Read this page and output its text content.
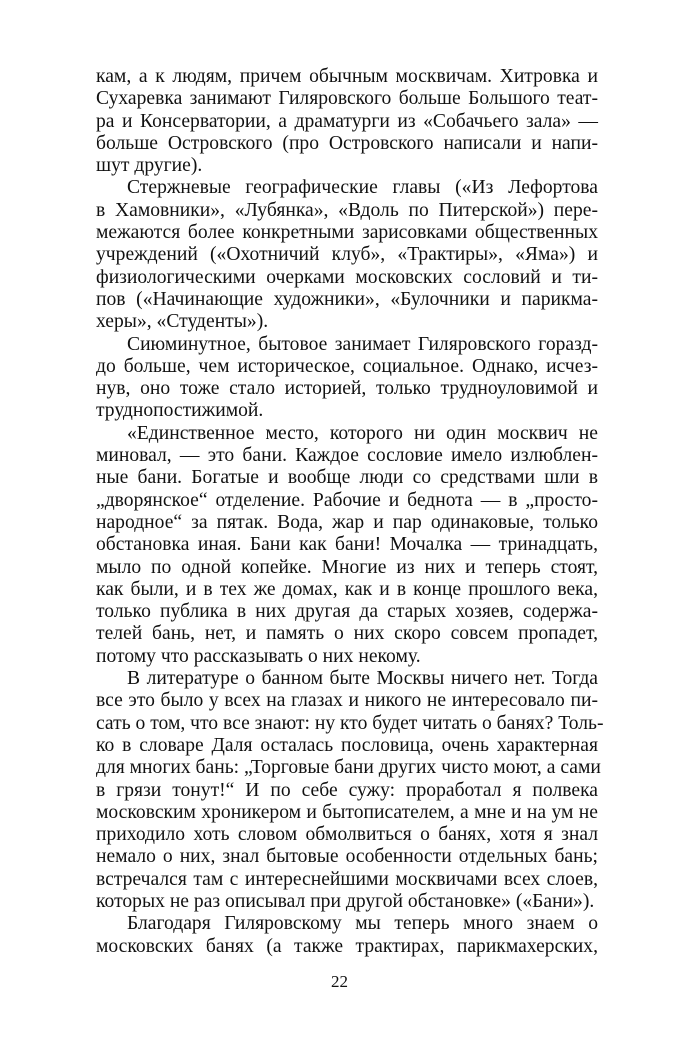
кам, а к людям, причем обычным москвичам. Хитровка и
Сухаревка занимают Гиляровского больше Большого теат-
ра и Консерватории, а драматурги из «Собачьего зала» —
больше Островского (про Островского написали и напи-
шут другие).
Стержневые географические главы («Из Лефортова
в Хамовники», «Лубянка», «Вдоль по Питерской») пере-
межаются более конкретными зарисовками общественных
учреждений («Охотничий клуб», «Трактиры», «Яма») и
физиологическими очерками московских сословий и ти-
пов («Начинающие художники», «Булочники и парикма-
херы», «Студенты»).
Сиюминутное, бытовое занимает Гиляровского горазд-
до больше, чем историческое, социальное. Однако, исчез-
нув, оно тоже стало историей, только трудноуловимой и
труднопостижимой.
«Единственное место, которого ни один москвич не
миновал, — это бани. Каждое сословие имело излюблен-
ные бани. Богатые и вообще люди со средствами шли в
„дворянское“ отделение. Рабочие и беднота — в „просто-
народное“ за пятак. Вода, жар и пар одинаковые, только
обстановка иная. Бани как бани! Мочалка — тринадцать,
мыло по одной копейке. Многие из них и теперь стоят,
как были, и в тех же домах, как и в конце прошлого века,
только публика в них другая да старых хозяев, содержа-
телей бань, нет, и память о них скоро совсем пропадет,
потому что рассказывать о них некому.
В литературе о банном быте Москвы ничего нет. Тогда
все это было у всех на глазах и никого не интересовало пи-
сать о том, что все знают: ну кто будет читать о банях? Толь-
ко в словаре Даля осталась пословица, очень характерная
для многих бань: „Торговые бани других чисто моют, а сами
в грязи тонут!“ И по себе сужу: проработал я полвека
московским хроникером и бытописателем, а мне и на ум не
приходило хоть словом обмолвиться о банях, хотя я знал
немало о них, знал бытовые особенности отдельных бань;
встречался там с интереснейшими москвичами всех слоев,
которых не раз описывал при другой обстановке» («Бани»).
Благодаря Гиляровскому мы теперь много знаем о
московских банях (а также трактирах, парикмахерских,
22
